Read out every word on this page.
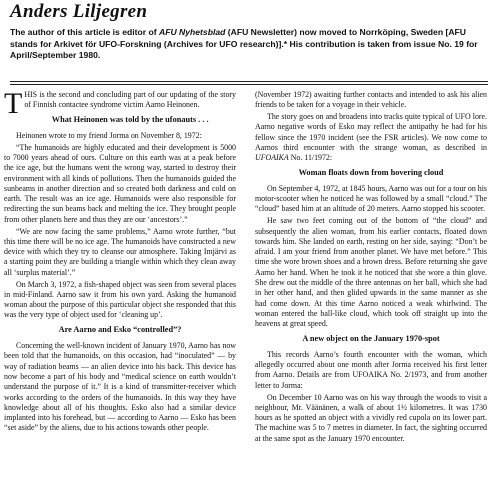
Anders Liljegren
The author of this article is editor of AFU Nyhetsblad (AFU Newsletter) now moved to Norrköping, Sweden [AFU stands for Arkivet för UFO-Forskning (Archives for UFO research)].* His contribution is taken from issue No. 19 for April/September 1980.

THIS is the second and concluding part of our updating of the story of Finnish contactee syndrome victim Aarno Heinonen.

What Heinonen was told by the ufonauts . . .

Heinonen wrote to my friend Jorma on November 8, 1972:

“The humanoids are highly educated and their development is 5000 to 7000 years ahead of ours. Culture on this earth was at a peak before the ice age, but the humans went the wrong way, started to destroy their environment with all kinds of pollutions. Then the humanoids guided the sunbeams in another direction and so created both darkness and cold on earth. The result was an ice age. Humanoids were also responsible for redirecting the sun beams back and melting the ice. They brought people from other planets here and thus they are our ‘ancestors’.”

“We are now facing the same problems,” Aarno wrote further, “but this time there will be no ice age. The humanoids have constructed a new device with which they try to cleanse our atmosphere. Taking Imjärvi as a starting point they are building a triangle within which they clean away all ‘surplus material’.”

On March 3, 1972, a fish-shaped object was seen from several places in mid-Finland. Aarno saw it from his own yard. Asking the humanoid woman about the purpose of this particular object she responded that this was the very type of object used for ‘cleaning up’.

Are Aarno and Esko “controlled”?

Concerning the well-known incident of January 1970, Aarno has now been told that the humanoids, on this occasion, had “inoculated” — by way of radiation beams — an alien device into his back. This device has now become a part of his body and “medical science on earth wouldn’t understand the purpose of it.” It is a kind of transmitter-receiver which works according to the orders of the humanoids. In this way they have knowledge about all of his thoughts. Esko also had a similar device implanted into his forehead, but — according to Aarno — Esko has been “set aside” by the aliens, due to his actions towards other people.

(November 1972) awaiting further contacts and intended to ask his alien friends to be taken for a voyage in their vehicle.

The story goes on and broadens into tracks quite typical of UFO lore. Aarno negative words of Esko may reflect the antipathy he had for his fellow since the 1970 incident (see the FSR articles). We now come to Aarnos third encounter with the strange woman, as described in UFOAIKA No. 11/1972:

Woman floats down from hovering cloud

On September 4, 1972, at 1845 hours, Aarno was out for a tour on his motor-scooter when he noticed he was followed by a small “cloud.” The “cloud” based him at an altitude of 20 meters. Aarno stopped his scooter.

He saw two feet coming out of the bottom of “the cloud” and subsequently the alien woman, from his earlier contacts, floated down towards him. She landed on earth, resting on her side, saying: “Don’t be afraid. I am your friend from another planet. We have met before.” This time she wore brown shoes and a brown dress. Before returning she gave Aarno her hand. When he took it he noticed that she wore a thin glove. She drew out the middle of the three antennas on her ball, which she had in her other hand, and then glided upwards in the same manner as she had come down. At this time Aarno noticed a weak whirlwind. The woman entered the ball-like cloud, which took off straight up into the heavens at great speed.

A new object on the January 1970-spot

This records Aarno’s fourth encounter with the woman, which allegedly occurred about one month after Jorma received his first letter from Aarno. Details are from UFOAIKA No. 2/1973, and from another letter to Jorma:

On December 10 Aarno was on his way through the woods to visit a neighbour, Mr. Väänänen, a walk of about 1½ kilometres. It was 1730 hours as he spotted an object with a vividly red cupola on its lower part. The machine was 5 to 7 metres in diameter. In fact, the sighting occurred at the same spot as the January 1970 encounter.
